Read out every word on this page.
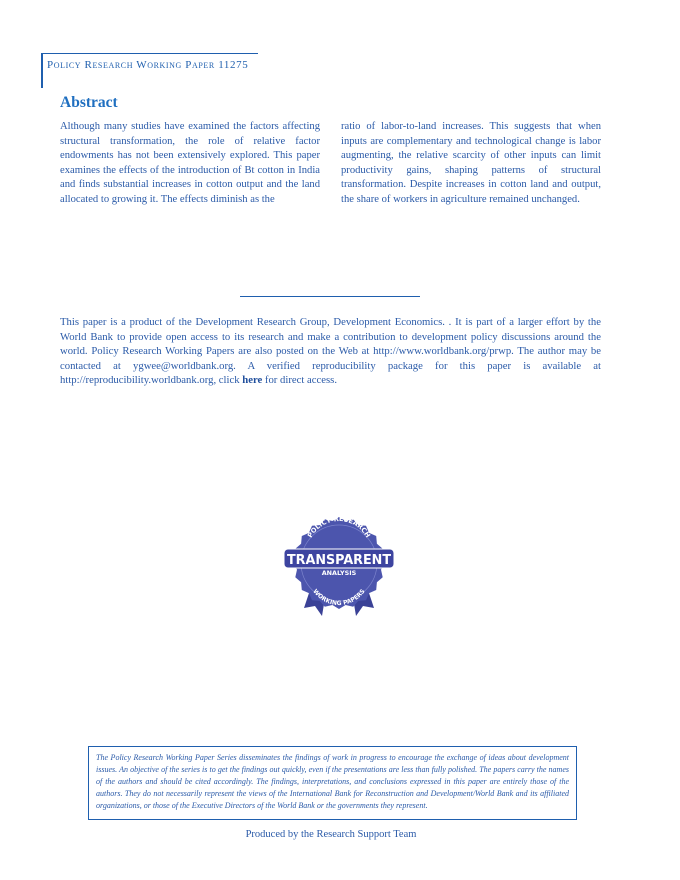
Policy Research Working Paper 11275
Abstract

Although many studies have examined the factors affecting structural transformation, the role of relative factor endowments has not been extensively explored. This paper examines the effects of the introduction of Bt cotton in India and finds substantial increases in cotton output and the land allocated to growing it. The effects diminish as the

ratio of labor-to-land increases. This suggests that when inputs are complementary and technological change is labor augmenting, the relative scarcity of other inputs can limit productivity gains, shaping patterns of structural transformation. Despite increases in cotton land and output, the share of workers in agriculture remained unchanged.

This paper is a product of the Development Research Group, Development Economics. . It is part of a larger effort by the World Bank to provide open access to its research and make a contribution to development policy discussions around the world. Policy Research Working Papers are also posted on the Web at http://www.worldbank.org/prwp. The author may be contacted at ygwee@worldbank.org. A verified reproducibility package for this paper is available at http://reproducibility.worldbank.org, click here for direct access.

POLICY RESEARCH
TRANSPARENT
ANALYSIS
WORKING PAPERS

The Policy Research Working Paper Series disseminates the findings of work in progress to encourage the exchange of ideas about development issues. An objective of the series is to get the findings out quickly, even if the presentations are less than fully polished. The papers carry the names of the authors and should be cited accordingly. The findings, interpretations, and conclusions expressed in this paper are entirely those of the authors. They do not necessarily represent the views of the International Bank for Reconstruction and Development/World Bank and its affiliated organizations, or those of the Executive Directors of the World Bank or the governments they represent.

Produced by the Research Support Team
